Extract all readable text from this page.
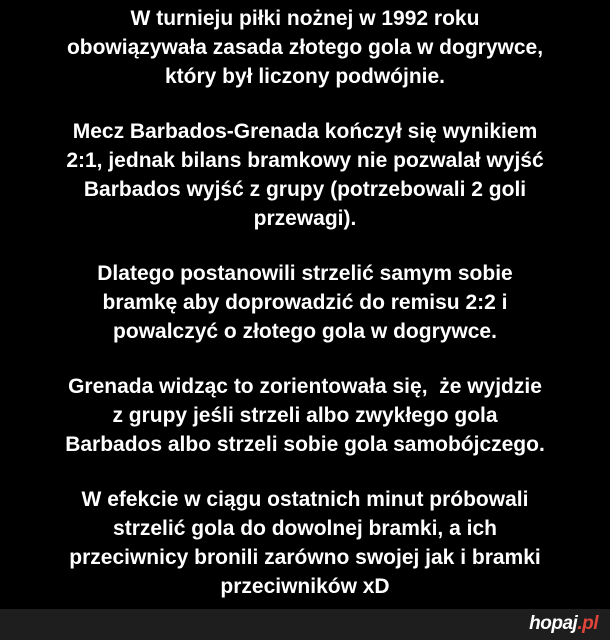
W turnieju piłki nożnej w 1992 roku
obowiązywała zasada złotego gola w dogrywce,
który był liczony podwójnie.
Mecz Barbados-Grenada kończył się wynikiem
2:1, jednak bilans bramkowy nie pozwalał wyjść
Barbados wyjść z grupy (potrzebowali 2 goli
przewagi).
Dlatego postanowili strzelić samym sobie
bramkę aby doprowadzić do remisu 2:2 i
powalczyć o złotego gola w dogrywce.
Grenada widząc to zorientowała się,  że wyjdzie
z grupy jeśli strzeli albo zwykłego gola
Barbados albo strzeli sobie gola samobójczego.
W efekcie w ciągu ostatnich minut próbowali
strzelić gola do dowolnej bramki, a ich
przeciwnicy bronili zarówno swojej jak i bramki
przeciwników xD
hopaj.pl
